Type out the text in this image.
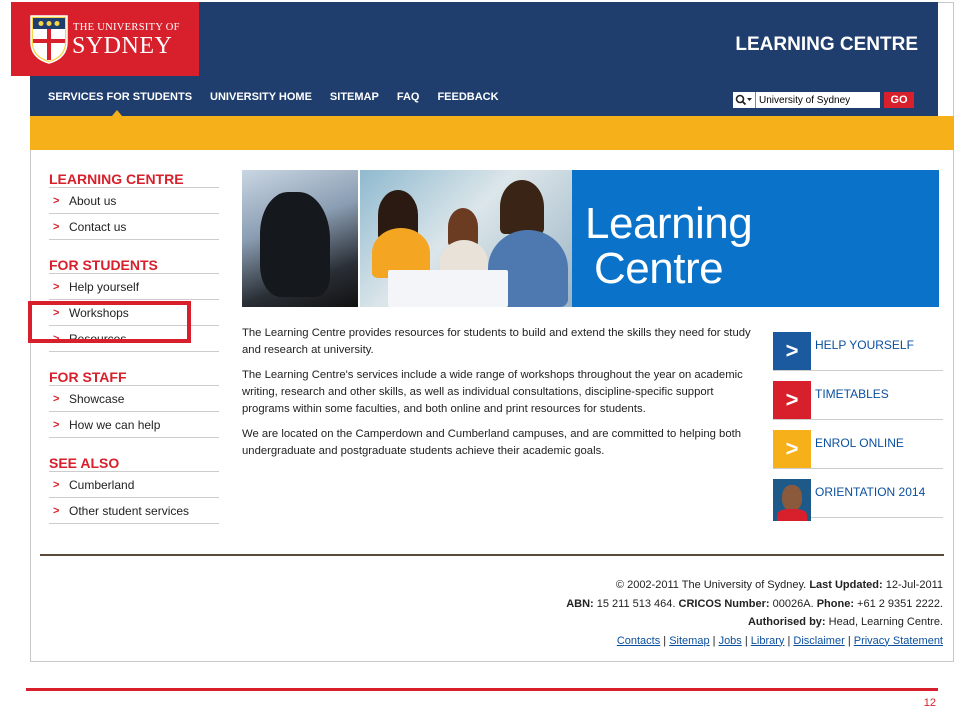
SERVICES FOR STUDENTS UNIVERSITY HOME SITEMAP FAQ FEEDBACK
LEARNING CENTRE
University of Sydney
GO
THE UNIVERSITY OF
SYDNEY
LEARNING CENTRE
> About us
> Contact us
FOR STUDENTS
> Help yourself
> Workshops
> Resources
FOR STAFF
> Showcase
> How we can help
SEE ALSO
> Cumberland
> Other student services
Learning
Centre

The Learning Centre provides resources for students to build and extend the skills they need for study and research at university.

The Learning Centre's services include a wide range of workshops throughout the year on academic writing, research and other skills, as well as individual consultations, discipline-specific support programs within some faculties, and both online and print resources for students.

We are located on the Camperdown and Cumberland campuses, and are committed to helping both undergraduate and postgraduate students achieve their academic goals.

>	HELP YOURSELF
>	TIMETABLES
>	ENROL ONLINE
ORIENTATION 2014
© 2002-2011 The University of Sydney. Last Updated: 12-Jul-2011
ABN: 15 211 513 464. CRICOS Number: 00026A. Phone: +61 2 9351 2222.
Authorised by: Head, Learning Centre.
Contacts | Sitemap | Jobs | Library | Disclaimer | Privacy Statement
12
